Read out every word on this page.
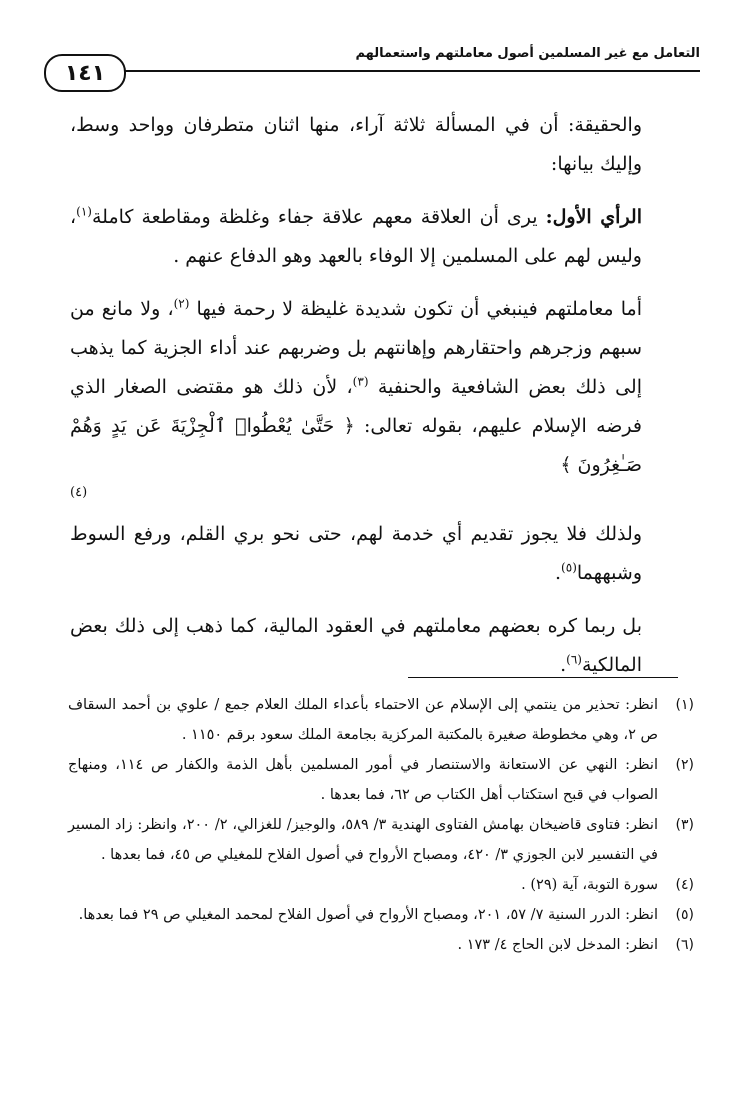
١٤١
التعامل مع غير المسلمين أصول معاملتهم واستعمالهم

والحقيقة: أن في المسألة ثلاثة آراء، منها اثنان متطرفان وواحد وسط، وإليك بيانها:

الرأي الأول: يرى أن العلاقة معهم علاقة جفاء وغلظة ومقاطعة كاملة$^{(١)}$، وليس لهم على المسلمين إلا الوفاء بالعهد وهو الدفاع عنهم .

أما معاملتهم فينبغي أن تكون شديدة غليظة لا رحمة فيها $^{(٢)}$، ولا مانع من سبهم وزجرهم واحتقارهم وإهانتهم بل وضربهم عند أداء الجزية كما يذهب إلى ذلك بعض الشافعية والحنفية $^{(٣)}$، لأن ذلك هو مقتضى الصغار الذي فرضه الإسلام عليهم، بقوله تعالى: ﴿ حَتَّىٰ يُعْطُوا۟ ٱلْجِزْيَةَ عَن يَدٍ وَهُمْ صَـٰغِرُونَ ﴾
(٤)

ولذلك فلا يجوز تقديم أي خدمة لهم، حتى نحو بري القلم، ورفع السوط وشبههما$^{(٥)}$.

بل ربما كره بعضهم معاملتهم في العقود المالية، كما ذهب إلى ذلك بعض المالكية$^{(٦)}$.

(١)
انظر: تحذير من ينتمي إلى الإسلام عن الاحتماء بأعداء الملك العلام جمع / علوي بن أحمد السقاف ص ٢، وهي مخطوطة صغيرة بالمكتبة المركزية بجامعة الملك سعود برقم ١١٥٠ .
(٢)
انظر: النهي عن الاستعانة والاستنصار في أمور المسلمين بأهل الذمة والكفار ص ١١٤، ومنهاج الصواب في قبح استكتاب أهل الكتاب ص ٦٢، فما بعدها .
(٣)
انظر: فتاوى قاضيخان بهامش الفتاوى الهندية ٣/ ٥٨٩، والوجيز/ للغزالي، ٢/ ٢٠٠، وانظر: زاد المسير في التفسير لابن الجوزي ٣/ ٤٢٠، ومصباح الأرواح في أصول الفلاح للمغيلي ص ٤٥، فما بعدها .
(٤)
سورة التوبة، آية (٢٩) .
(٥)
انظر: الدرر السنية ٧/ ٥٧، ٢٠١، ومصباح الأرواح في أصول الفلاح لمحمد المغيلي ص ٢٩ فما بعدها.
(٦)
انظر: المدخل لابن الحاج ٤/ ١٧٣ .
